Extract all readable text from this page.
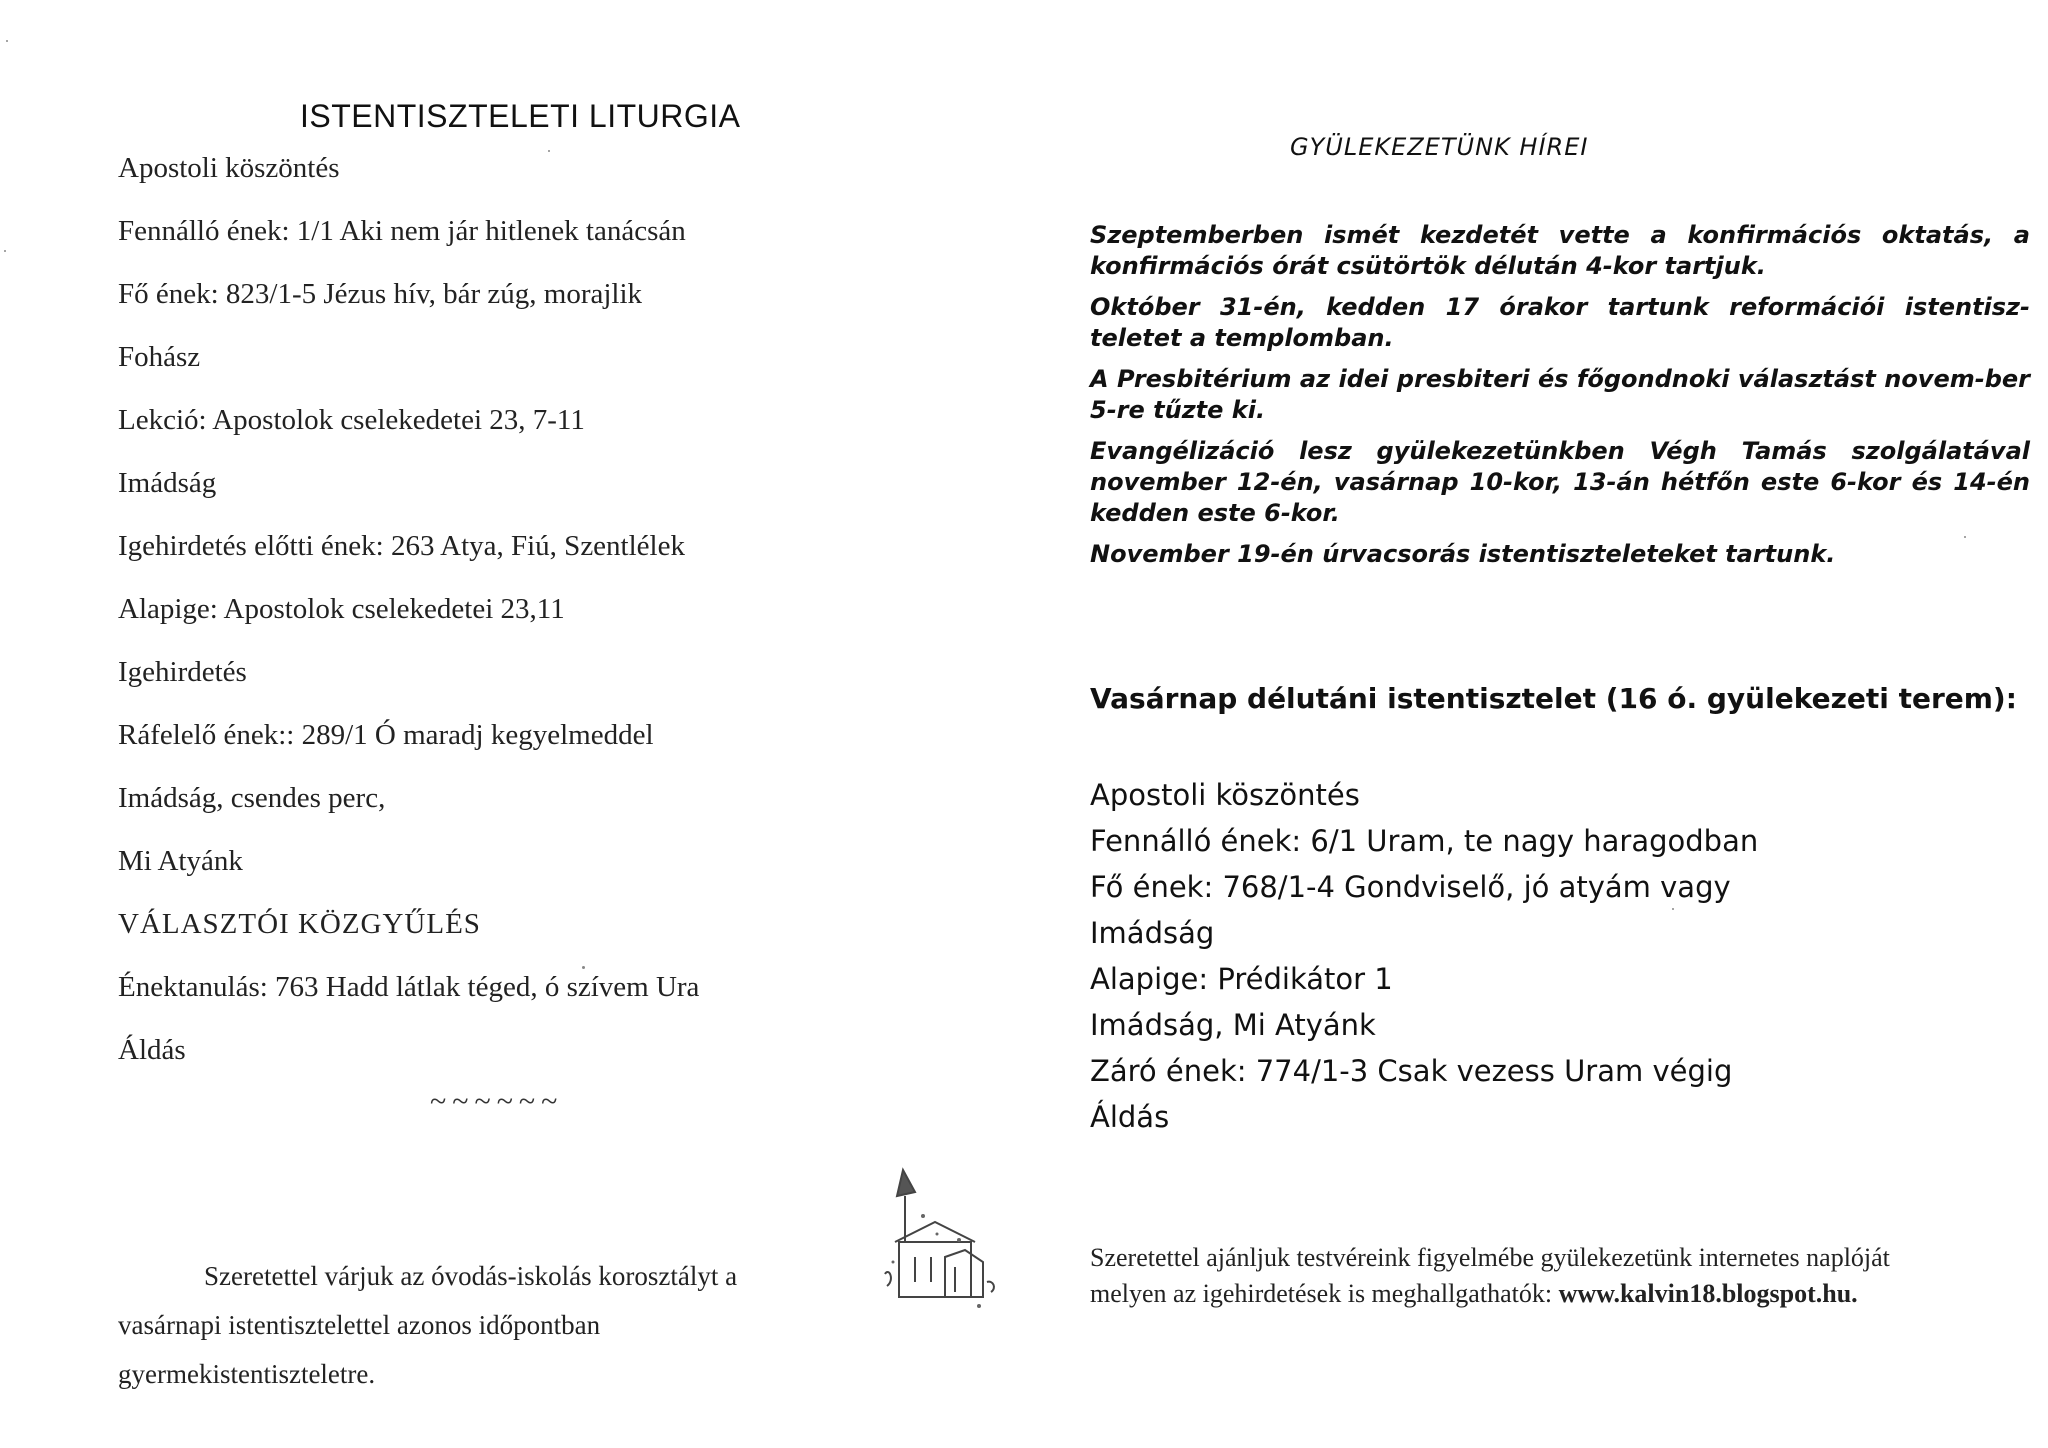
ISTENTISZTELETI LITURGIA
Apostoli köszöntés
Fennálló ének: 1/1 Aki nem jár hitlenek tanácsán
Fő ének: 823/1-5 Jézus hív, bár zúg, morajlik
Fohász
Lekció: Apostolok cselekedetei 23, 7-11
Imádság
Igehirdetés előtti ének: 263 Atya, Fiú, Szentlélek
Alapige: Apostolok cselekedetei 23,11
Igehirdetés
Ráfelelő ének:: 289/1 Ó maradj kegyelmeddel
Imádság, csendes perc,
Mi Atyánk
VÁLASZTÓI KÖZGYŰLÉS
Énektanulás: 763 Hadd látlak téged, ó szívem Ura
Áldás
~~~~~~
Szeretettel várjuk az óvodás-iskolás korosztályt a
vasárnapi istentisztelettel azonos időpontban
gyermekistentiszteletre.
GYÜLEKEZETÜNK HÍREI
Szeptemberben ismét kezdetét vette a konfirmációs oktatás, a konfirmációs órát csütörtök délután 4-kor tartjuk.
Október 31-én, kedden 17 órakor tartunk reformációi istentisz-teletet a templomban.
A Presbitérium az idei presbiteri és főgondnoki választást novem-ber 5-re tűzte ki.
Evangélizáció lesz gyülekezetünkben Végh Tamás szolgálatával november 12-én, vasárnap 10-kor, 13-án hétfőn este 6-kor és 14-én kedden este 6-kor.
November 19-én úrvacsorás istentiszteleteket tartunk.
Vasárnap délutáni istentisztelet (16 ó. gyülekezeti terem):
Apostoli köszöntés
Fennálló ének: 6/1 Uram, te nagy haragodban
Fő ének: 768/1-4 Gondviselő, jó atyám vagy
Imádság
Alapige: Prédikátor 1
Imádság, Mi Atyánk
Záró ének: 774/1-3 Csak vezess Uram végig
Áldás
Szeretettel ajánljuk testvéreink figyelmébe gyülekezetünk internetes naplóját
melyen az igehirdetések is meghallgathatók: www.kalvin18.blogspot.hu.
